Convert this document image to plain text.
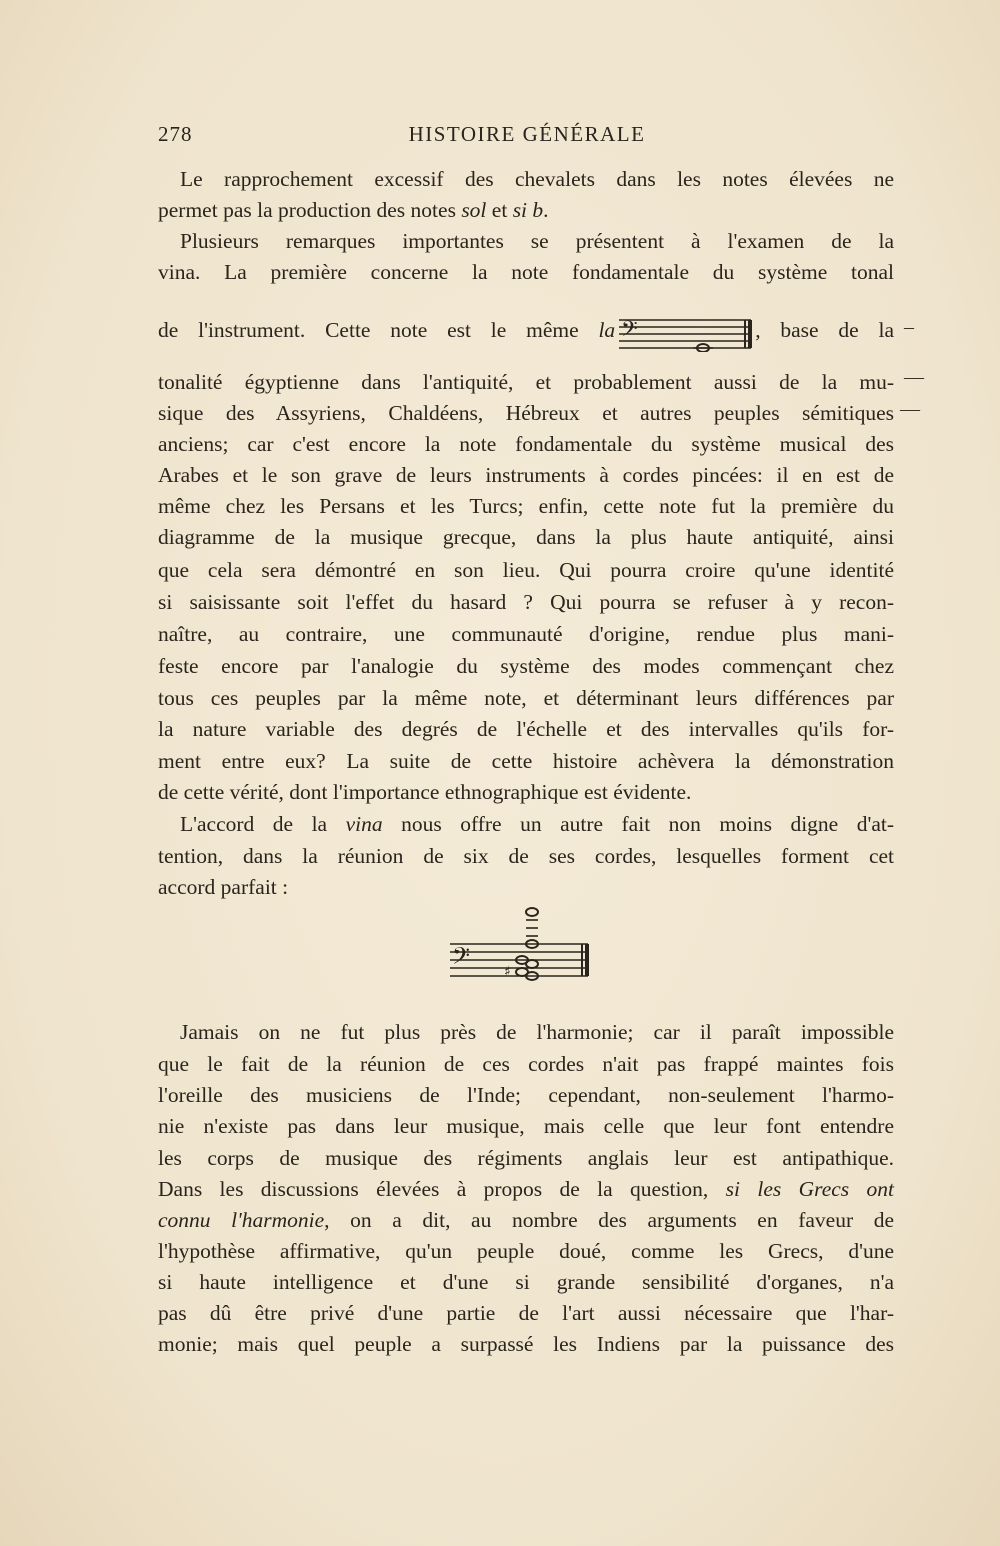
278	HISTOIRE GÉNÉRALE
Le rapprochement excessif des chevalets dans les notes élevées ne
permet pas la production des notes sol et si b.
Plusieurs remarques importantes se présentent à l'examen de la
vina. La première concerne la note fondamentale du système tonal
de l'instrument. Cette note est le même la 𝄢	, base de la
tonalité égyptienne dans l'antiquité, et probablement aussi de la mu-
sique des Assyriens, Chaldéens, Hébreux et autres peuples sémitiques
anciens; car c'est encore la note fondamentale du système musical des
Arabes et le son grave de leurs instruments à cordes pincées: il en est de
même chez les Persans et les Turcs; enfin, cette note fut la première du
diagramme de la musique grecque, dans la plus haute antiquité, ainsi
que cela sera démontré en son lieu. Qui pourra croire qu'une identité
si saisissante soit l'effet du hasard ? Qui pourra se refuser à y recon-
naître, au contraire, une communauté d'origine, rendue plus mani-
feste encore par l'analogie du système des modes commençant chez
tous ces peuples par la même note, et déterminant leurs différences par
la nature variable des degrés de l'échelle et des intervalles qu'ils for-
ment entre eux? La suite de cette histoire achèvera la démonstration
de cette vérité, dont l'importance ethnographique est évidente.
L'accord de la vina nous offre un autre fait non moins digne d'at-
tention, dans la réunion de six de ses cordes, lesquelles forment cet
accord parfait :
𝄢 ♯
Jamais on ne fut plus près de l'harmonie; car il paraît impossible
que le fait de la réunion de ces cordes n'ait pas frappé maintes fois
l'oreille des musiciens de l'Inde; cependant, non-seulement l'harmo-
nie n'existe pas dans leur musique, mais celle que leur font entendre
les corps de musique des régiments anglais leur est antipathique.
Dans les discussions élevées à propos de la question, si les Grecs ont
connu l'harmonie, on a dit, au nombre des arguments en faveur de
l'hypothèse affirmative, qu'un peuple doué, comme les Grecs, d'une
si haute intelligence et d'une si grande sensibilité d'organes, n'a
pas dû être privé d'une partie de l'art aussi nécessaire que l'har-
monie; mais quel peuple a surpassé les Indiens par la puissance des
–
—
—
